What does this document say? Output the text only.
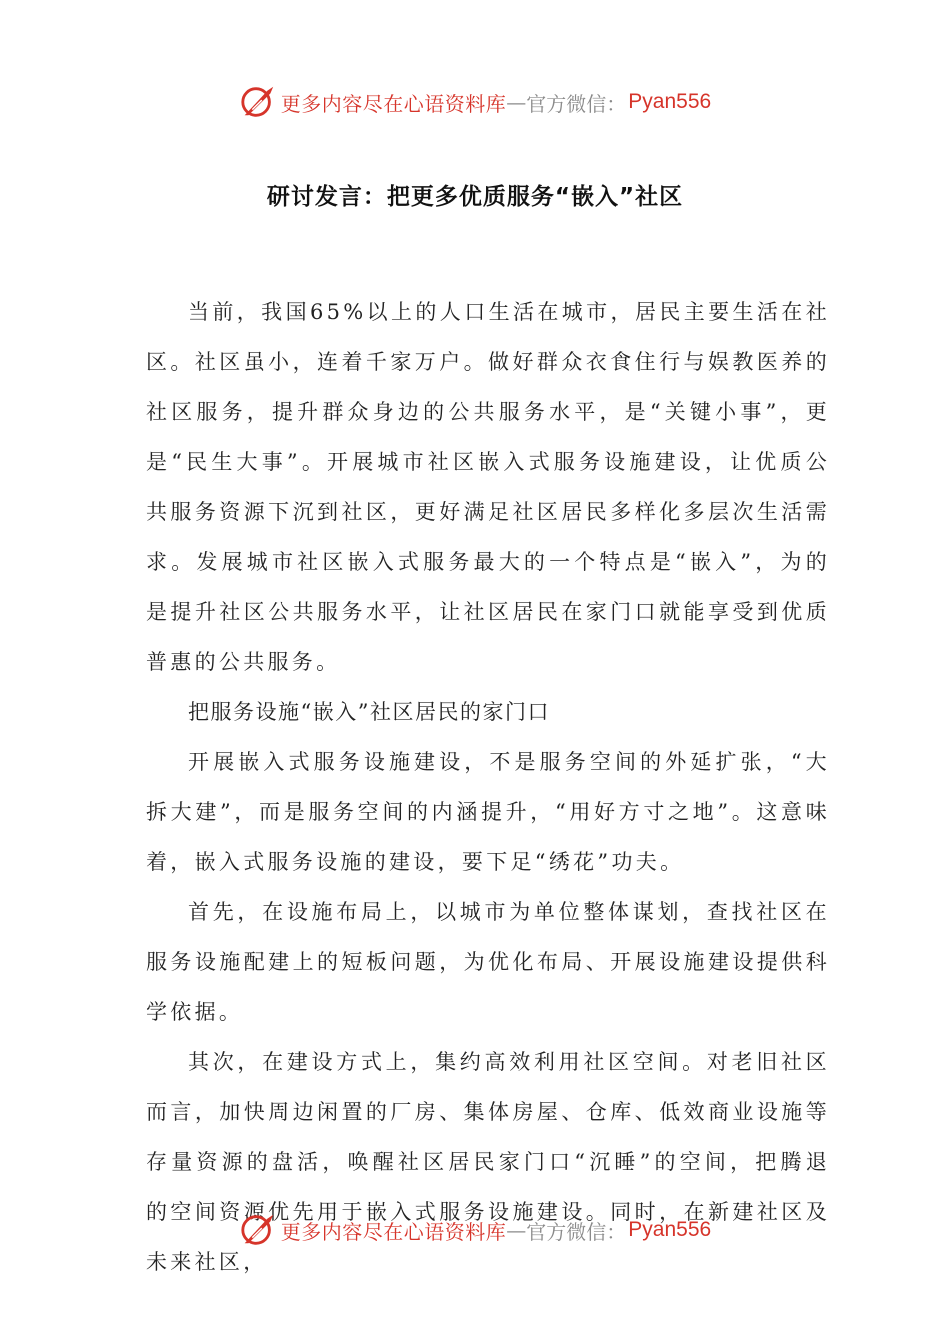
更多内容尽在心语资料库 — 官方微信： Pyan556
研讨发言：把更多优质服务“嵌入”社区

当前，我国65%以上的人口生活在城市，居民主要生活在社区。社区虽小，连着千家万户。做好群众衣食住行与娱教医养的社区服务，提升群众身边的公共服务水平，是“关键小事”，更是“民生大事”。开展城市社区嵌入式服务设施建设，让优质公共服务资源下沉到社区，更好满足社区居民多样化多层次生活需求。发展城市社区嵌入式服务最大的一个特点是“嵌入”，为的是提升社区公共服务水平，让社区居民在家门口就能享受到优质普惠的公共服务。

把服务设施“嵌入”社区居民的家门口

开展嵌入式服务设施建设，不是服务空间的外延扩张，“大拆大建”，而是服务空间的内涵提升，“用好方寸之地”。这意味着，嵌入式服务设施的建设，要下足“绣花”功夫。

首先，在设施布局上，以城市为单位整体谋划，查找社区在服务设施配建上的短板问题，为优化布局、开展设施建设提供科学依据。

其次，在建设方式上，集约高效利用社区空间。对老旧社区而言，加快周边闲置的厂房、集体房屋、仓库、低效商业设施等存量资源的盘活，唤醒社区居民家门口“沉睡”的空间，把腾退的空间资源优先用于嵌入式服务设施建设。同时，在新建社区及未来社区，

更多内容尽在心语资料库 — 官方微信： Pyan556
